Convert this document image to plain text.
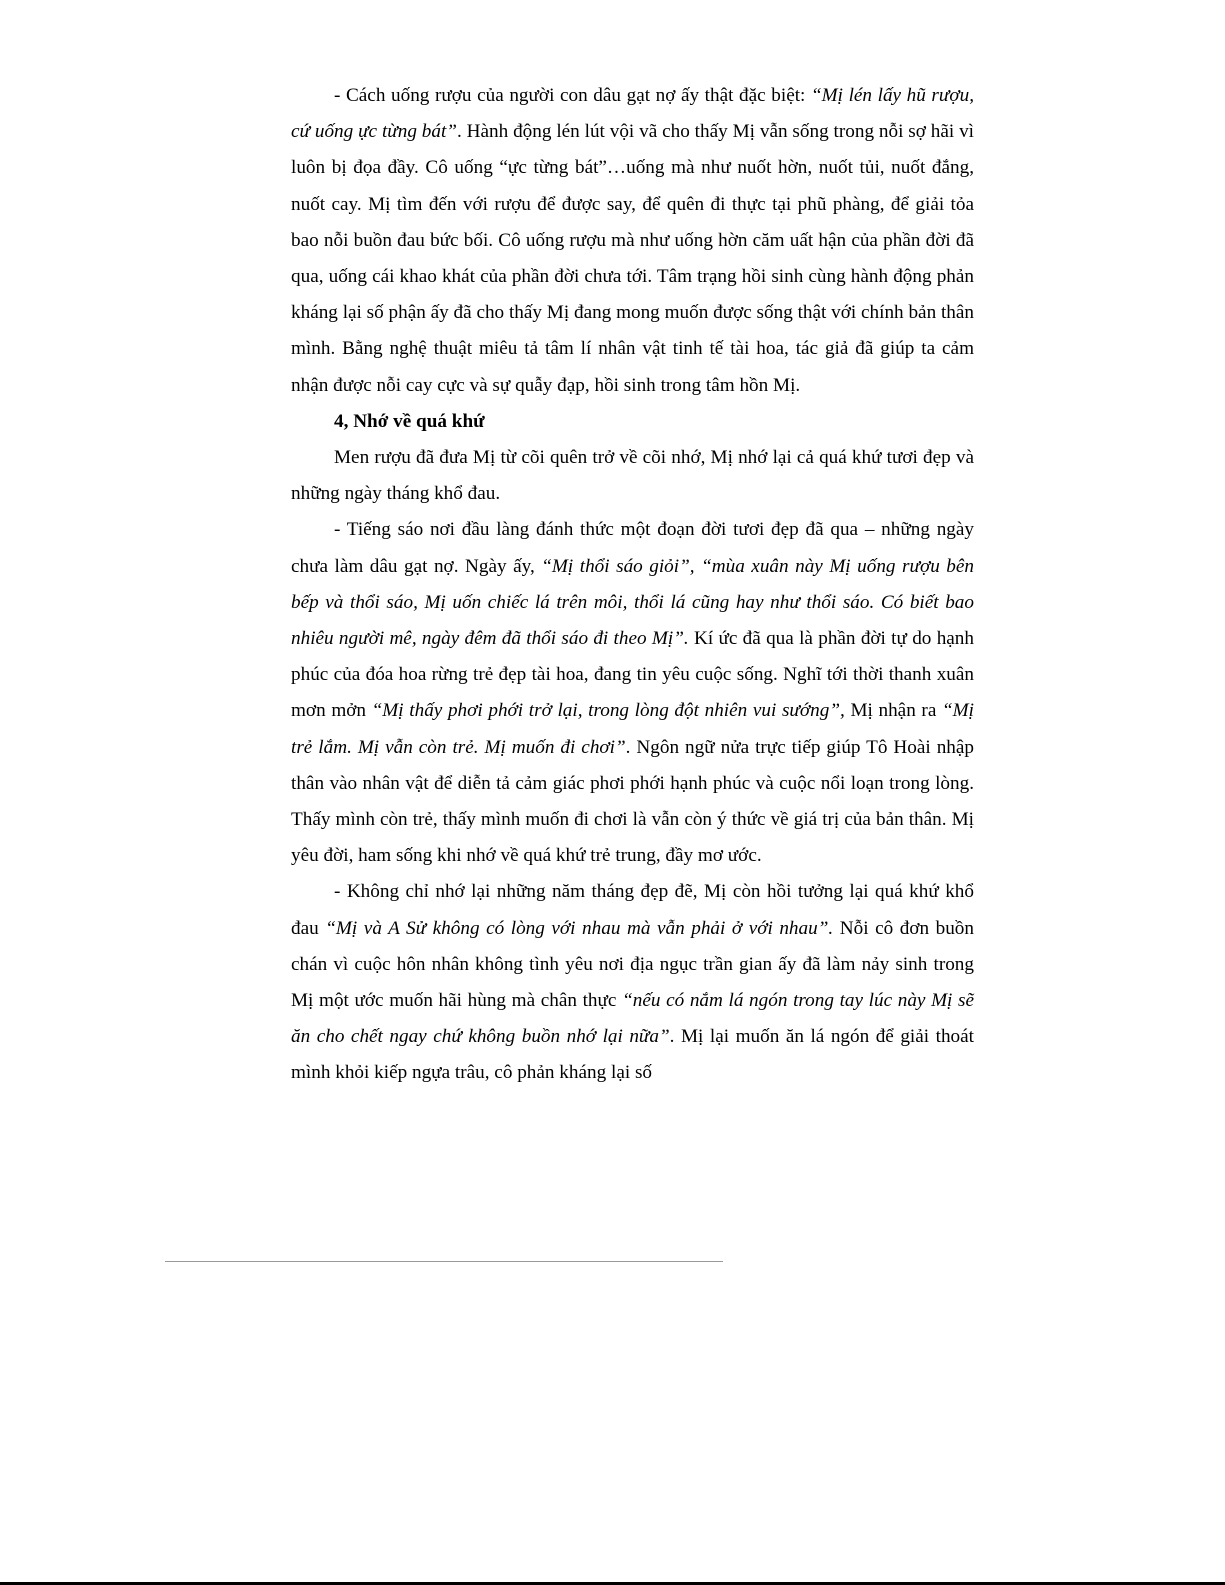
- Cách uống rượu của người con dâu gạt nợ ấy thật đặc biệt: “Mị lén lấy hũ rượu, cứ uống ực từng bát”. Hành động lén lút vội vã cho thấy Mị vẫn sống trong nỗi sợ hãi vì luôn bị đọa đầy. Cô uống “ực từng bát”…uống mà như nuốt hờn, nuốt tủi, nuốt đắng, nuốt cay. Mị tìm đến với rượu để được say, để quên đi thực tại phũ phàng, để giải tỏa bao nỗi buồn đau bức bối. Cô uống rượu mà như uống hờn căm uất hận của phần đời đã qua, uống cái khao khát của phần đời chưa tới. Tâm trạng hồi sinh cùng hành động phản kháng lại số phận ấy đã cho thấy Mị đang mong muốn được sống thật với chính bản thân mình. Bằng nghệ thuật miêu tả tâm lí nhân vật tinh tế tài hoa, tác giả đã giúp ta cảm nhận được nỗi cay cực và sự quẫy đạp, hồi sinh trong tâm hồn Mị.

4, Nhớ về quá khứ

Men rượu đã đưa Mị từ cõi quên trở về cõi nhớ, Mị nhớ lại cả quá khứ tươi đẹp và những ngày tháng khổ đau.

- Tiếng sáo nơi đầu làng đánh thức một đoạn đời tươi đẹp đã qua – những ngày chưa làm dâu gạt nợ. Ngày ấy, “Mị thổi sáo giỏi”, “mùa xuân này Mị uống rượu bên bếp và thổi sáo, Mị uốn chiếc lá trên môi, thổi lá cũng hay như thổi sáo. Có biết bao nhiêu người mê, ngày đêm đã thổi sáo đi theo Mị”. Kí ức đã qua là phần đời tự do hạnh phúc của đóa hoa rừng trẻ đẹp tài hoa, đang tin yêu cuộc sống. Nghĩ tới thời thanh xuân mơn mởn “Mị thấy phơi phới trở lại, trong lòng đột nhiên vui sướng”, Mị nhận ra “Mị trẻ lắm. Mị vẫn còn trẻ. Mị muốn đi chơi”. Ngôn ngữ nửa trực tiếp giúp Tô Hoài nhập thân vào nhân vật để diễn tả cảm giác phơi phới hạnh phúc và cuộc nổi loạn trong lòng. Thấy mình còn trẻ, thấy mình muốn đi chơi là vẫn còn ý thức về giá trị của bản thân. Mị yêu đời, ham sống khi nhớ về quá khứ trẻ trung, đầy mơ ước.

- Không chỉ nhớ lại những năm tháng đẹp đẽ, Mị còn hồi tưởng lại quá khứ khổ đau “Mị và A Sử không có lòng với nhau mà vẫn phải ở với nhau”. Nỗi cô đơn buồn chán vì cuộc hôn nhân không tình yêu nơi địa ngục trần gian ấy đã làm nảy sinh trong Mị một ước muốn hãi hùng mà chân thực “nếu có nắm lá ngón trong tay lúc này Mị sẽ ăn cho chết ngay chứ không buồn nhớ lại nữa”. Mị lại muốn ăn lá ngón để giải thoát mình khỏi kiếp ngựa trâu, cô phản kháng lại số
